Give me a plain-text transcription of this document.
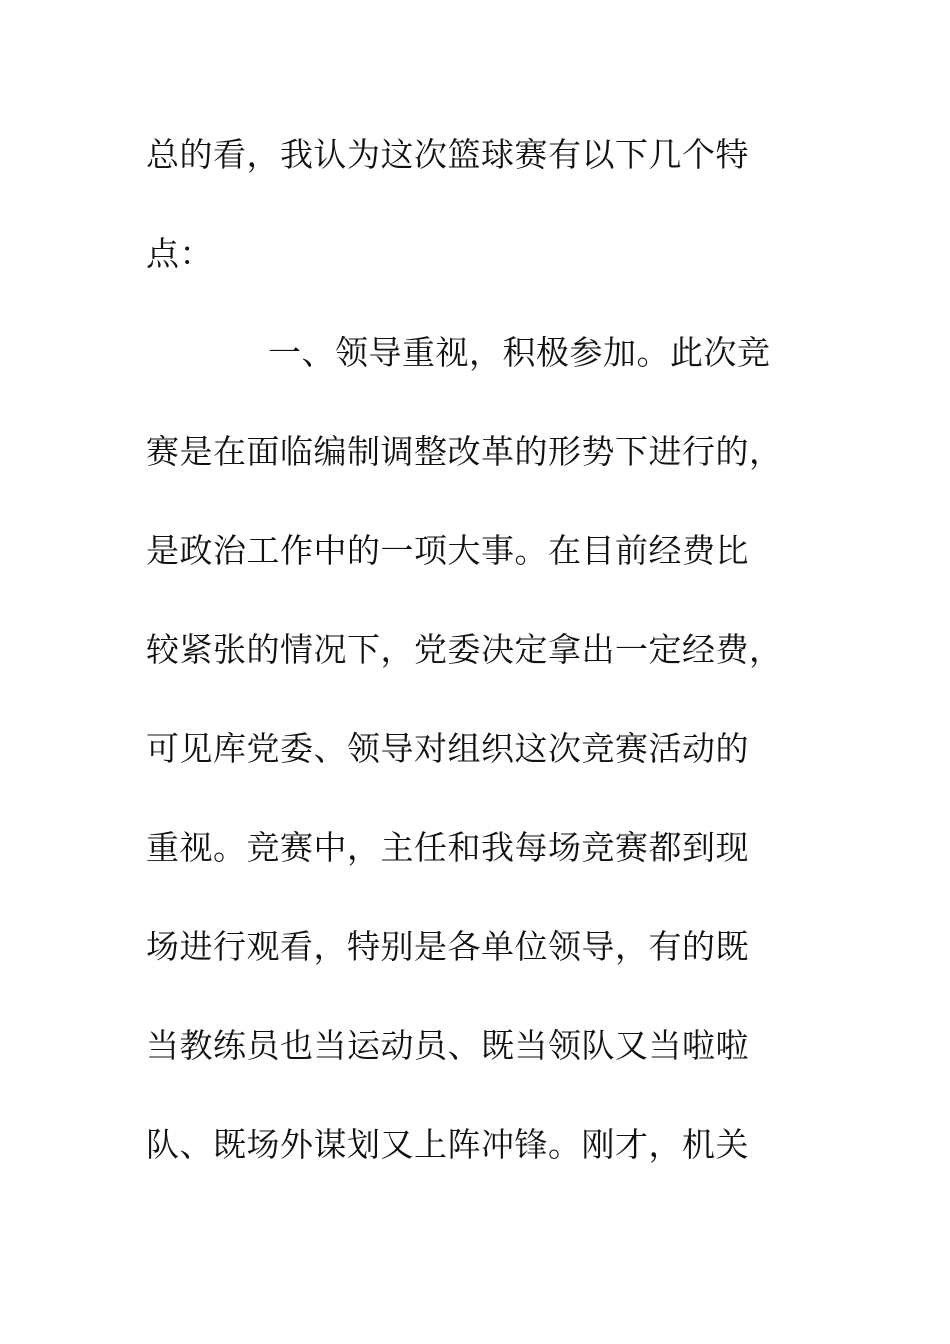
总的看，我认为这次篮球赛有以下几个特
点：
一、领导重视，积极参加。此次竞
赛是在面临编制调整改革的形势下进行的，
是政治工作中的一项大事。在目前经费比
较紧张的情况下，党委决定拿出一定经费，
可见库党委、领导对组织这次竞赛活动的
重视。竞赛中，主任和我每场竞赛都到现
场进行观看，特别是各单位领导，有的既
当教练员也当运动员、既当领队又当啦啦
队、既场外谋划又上阵冲锋。刚才，机关
